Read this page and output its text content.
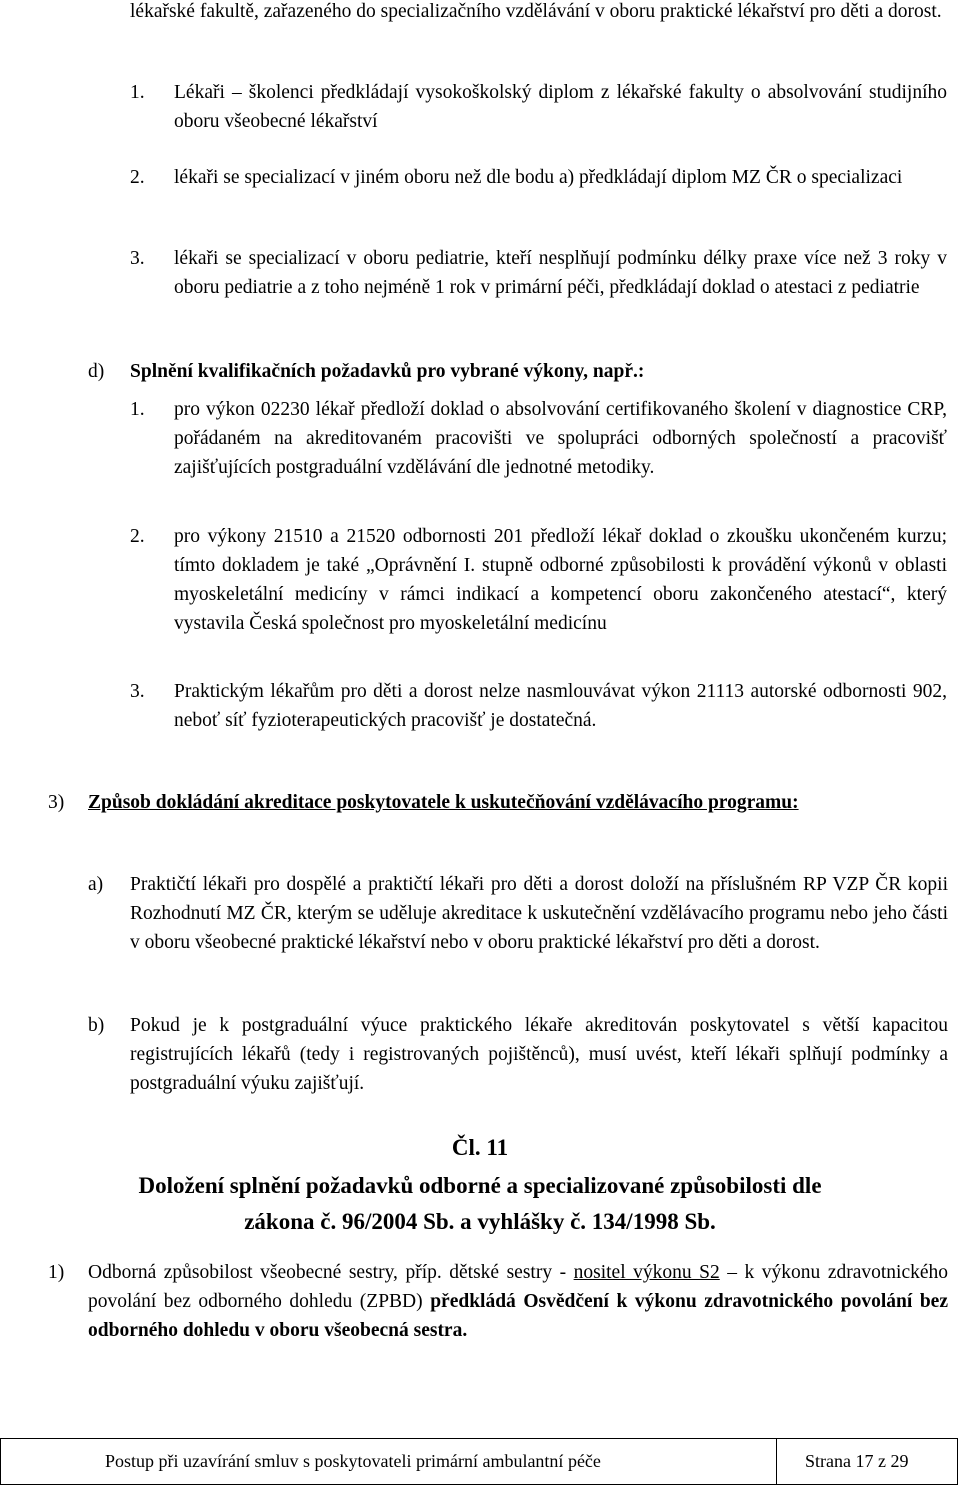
lékařské fakultě, zařazeného do specializačního vzdělávání v oboru praktické lékařství pro děti a dorost.
1. Lékaři – školenci předkládají vysokoškolský diplom z lékařské fakulty o absolvování studijního oboru všeobecné lékařství
2. lékaři se specializací v jiném oboru než dle bodu a) předkládají diplom MZ ČR o specializaci
3. lékaři se specializací v oboru pediatrie, kteří nesplňují podmínku délky praxe více než 3 roky v oboru pediatrie a z toho nejméně 1 rok v primární péči, předkládají doklad o atestaci z pediatrie
d) Splnění kvalifikačních požadavků pro vybrané výkony, např.:
1. pro výkon 02230 lékař předloží doklad o absolvování certifikovaného školení v diagnostice CRP, pořádaném na akreditovaném pracovišti ve spolupráci odborných společností a pracovišť zajišťujících postgraduální vzdělávání dle jednotné metodiky.
2. pro výkony 21510 a 21520 odbornosti 201 předloží lékař doklad o zkoušku ukončeném kurzu; tímto dokladem je také „Oprávnění I. stupně odborné způsobilosti k provádění výkonů v oblasti myoskeletální medicíny v rámci indikací a kompetencí oboru zakončeného atestací“, který vystavila Česká společnost pro myoskeletální medicínu
3. Praktickým lékařům pro děti a dorost nelze nasmlouvávat výkon 21113 autorské odbornosti 902, neboť síť fyzioterapeutických pracovišť je dostatečná.
3) Způsob dokládání akreditace poskytovatele k uskutečňování vzdělávacího programu:
a) Praktičtí lékaři pro dospělé a praktičtí lékaři pro děti a dorost doloží na příslušném RP VZP ČR kopii Rozhodnutí MZ ČR, kterým se uděluje akreditace k uskutečnění vzdělávacího programu nebo jeho části v oboru všeobecné praktické lékařství nebo v oboru praktické lékařství pro děti a dorost.
b) Pokud je k postgraduální výuce praktického lékaře akreditován poskytovatel s větší kapacitou registrujících lékařů (tedy i registrovaných pojištěnců), musí uvést, kteří lékaři splňují podmínky a postgraduální výuku zajišťují.
Čl. 11
Doložení splnění požadavků odborné a specializované způsobilosti dle
zákona č. 96/2004 Sb. a vyhlášky č. 134/1998 Sb.
1) Odborná způsobilost všeobecné sestry, příp. dětské sestry - nositel výkonu S2 – k výkonu zdravotnického povolání bez odborného dohledu (ZPBD) předkládá Osvědčení k výkonu zdravotnického povolání bez odborného dohledu v oboru všeobecná sestra.
Postup při uzavírání smluv s poskytovateli primární ambulantní péče	Strana 17 z 29
